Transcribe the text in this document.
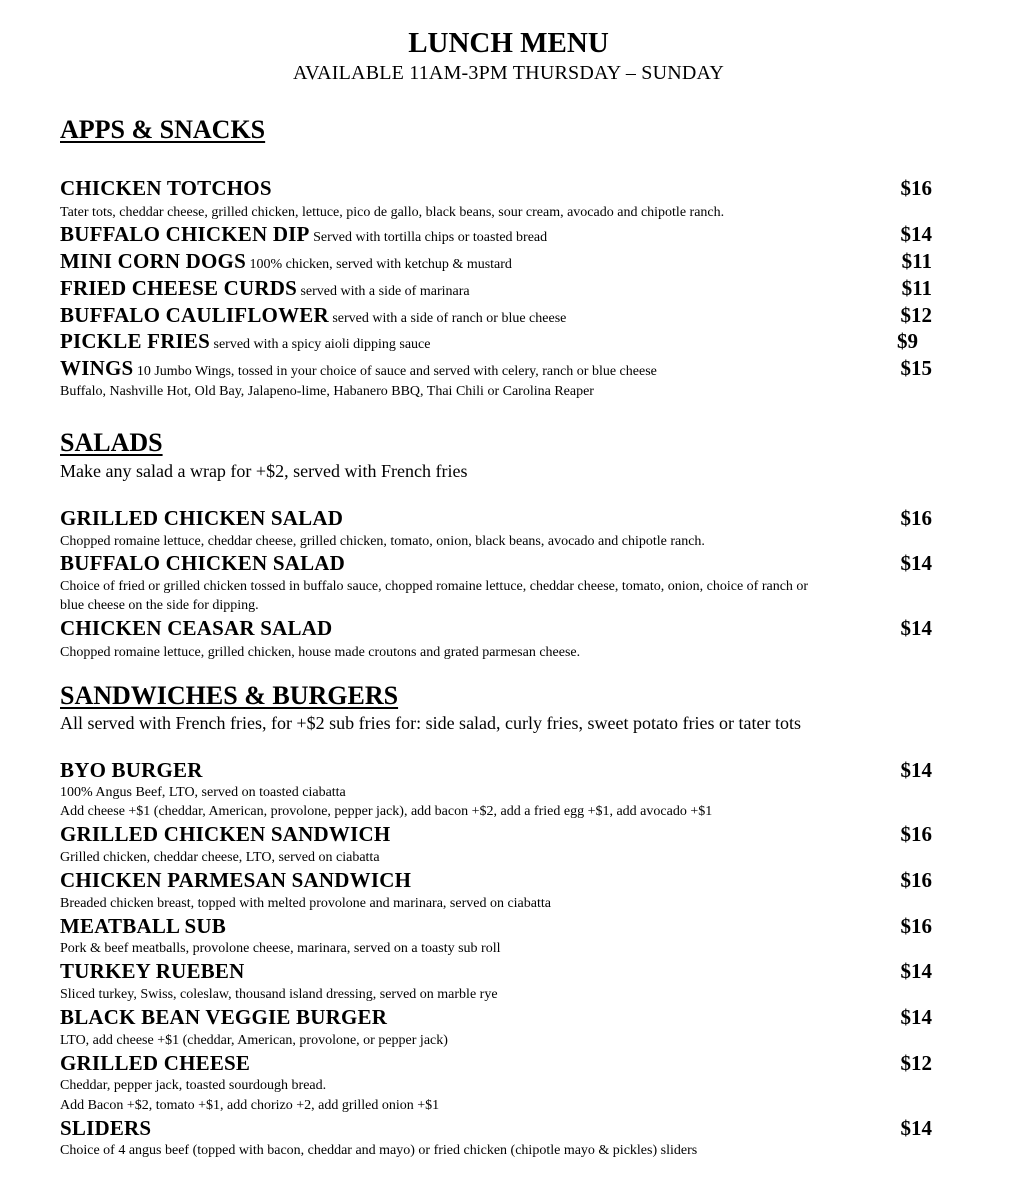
LUNCH MENU
AVAILABLE 11AM-3PM THURSDAY – SUNDAY
APPS & SNACKS
CHICKEN TOTCHOS	$16
Tater tots, cheddar cheese, grilled chicken, lettuce, pico de gallo, black beans, sour cream, avocado and chipotle ranch.
BUFFALO CHICKEN DIP Served with tortilla chips or toasted bread	$14
MINI CORN DOGS 100% chicken, served with ketchup & mustard	$11
FRIED CHEESE CURDS served with a side of marinara	$11
BUFFALO CAULIFLOWER served with a side of ranch or blue cheese	$12
PICKLE FRIES served with a spicy aioli dipping sauce	$9
WINGS 10 Jumbo Wings, tossed in your choice of sauce and served with celery, ranch or blue cheese	$15
Buffalo, Nashville Hot, Old Bay, Jalapeno-lime, Habanero BBQ, Thai Chili or Carolina Reaper
SALADS
Make any salad a wrap for +$2, served with French fries
GRILLED CHICKEN SALAD	$16
Chopped romaine lettuce, cheddar cheese, grilled chicken, tomato, onion, black beans, avocado and chipotle ranch.
BUFFALO CHICKEN SALAD	$14
Choice of fried or grilled chicken tossed in buffalo sauce, chopped romaine lettuce, cheddar cheese, tomato, onion, choice of ranch or
blue cheese on the side for dipping.
CHICKEN CEASAR SALAD	$14
Chopped romaine lettuce, grilled chicken, house made croutons and grated parmesan cheese.
SANDWICHES & BURGERS
All served with French fries, for +$2 sub fries for: side salad, curly fries, sweet potato fries or tater tots
BYO BURGER	$14
100% Angus Beef, LTO, served on toasted ciabatta
Add cheese +$1 (cheddar, American, provolone, pepper jack), add bacon +$2, add a fried egg +$1, add avocado +$1
GRILLED CHICKEN SANDWICH	$16
Grilled chicken, cheddar cheese, LTO, served on ciabatta
CHICKEN PARMESAN SANDWICH	$16
Breaded chicken breast, topped with melted provolone and marinara, served on ciabatta
MEATBALL SUB	$16
Pork & beef meatballs, provolone cheese, marinara, served on a toasty sub roll
TURKEY RUEBEN	$14
Sliced turkey, Swiss, coleslaw, thousand island dressing, served on marble rye
BLACK BEAN VEGGIE BURGER	$14
LTO, add cheese +$1 (cheddar, American, provolone, or pepper jack)
GRILLED CHEESE	$12
Cheddar, pepper jack, toasted sourdough bread.
Add Bacon +$2, tomato +$1, add chorizo +2, add grilled onion +$1
SLIDERS	$14
Choice of 4 angus beef (topped with bacon, cheddar and mayo) or fried chicken (chipotle mayo & pickles) sliders
